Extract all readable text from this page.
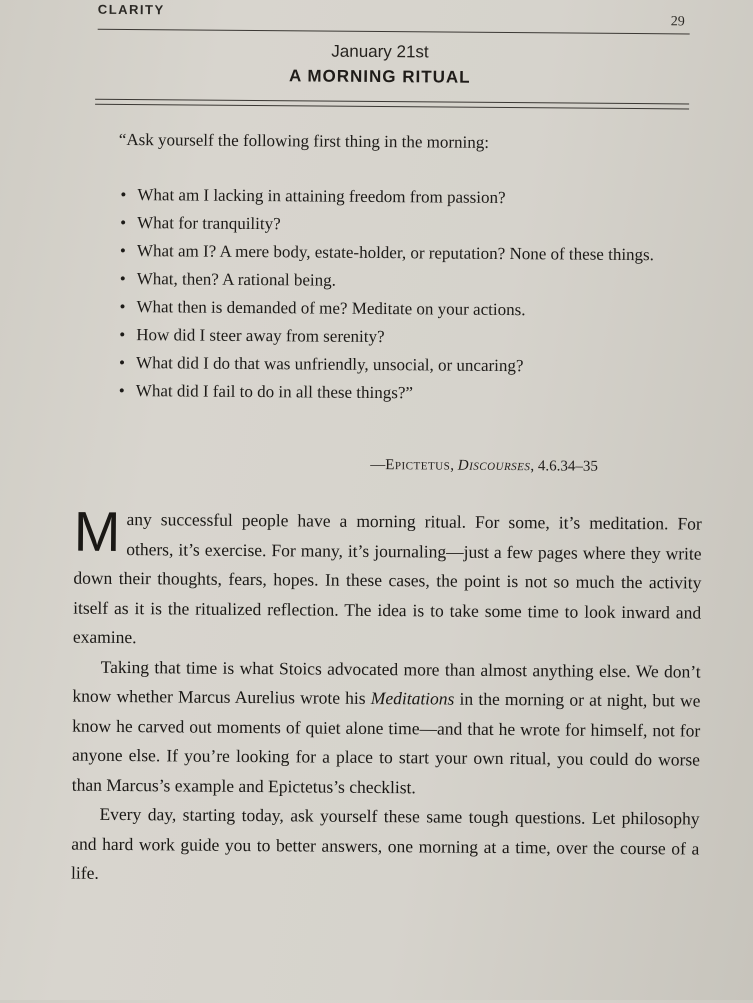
CLARITY
29
January 21st
A MORNING RITUAL
“Ask yourself the following first thing in the morning:
• What am I lacking in attaining freedom from passion?
• What for tranquility?
• What am I? A mere body, estate-holder, or reputation? None of these things.
• What, then? A rational being.
• What then is demanded of me? Meditate on your actions.
• How did I steer away from serenity?
• What did I do that was unfriendly, unsocial, or uncaring?
• What did I fail to do in all these things?”
—Epictetus, Discourses, 4.6.34–35

Many successful people have a morning ritual. For some, it’s meditation. For others, it’s exercise. For many, it’s journaling—just a few pages where they write down their thoughts, fears, hopes. In these cases, the point is not so much the activity itself as it is the ritualized reflection. The idea is to take some time to look inward and examine.

Taking that time is what Stoics advocated more than almost anything else. We don’t know whether Marcus Aurelius wrote his Meditations in the morning or at night, but we know he carved out moments of quiet alone time—and that he wrote for himself, not for anyone else. If you’re looking for a place to start your own ritual, you could do worse than Marcus’s example and Epictetus’s checklist.

Every day, starting today, ask yourself these same tough questions. Let philosophy and hard work guide you to better answers, one morning at a time, over the course of a life.
